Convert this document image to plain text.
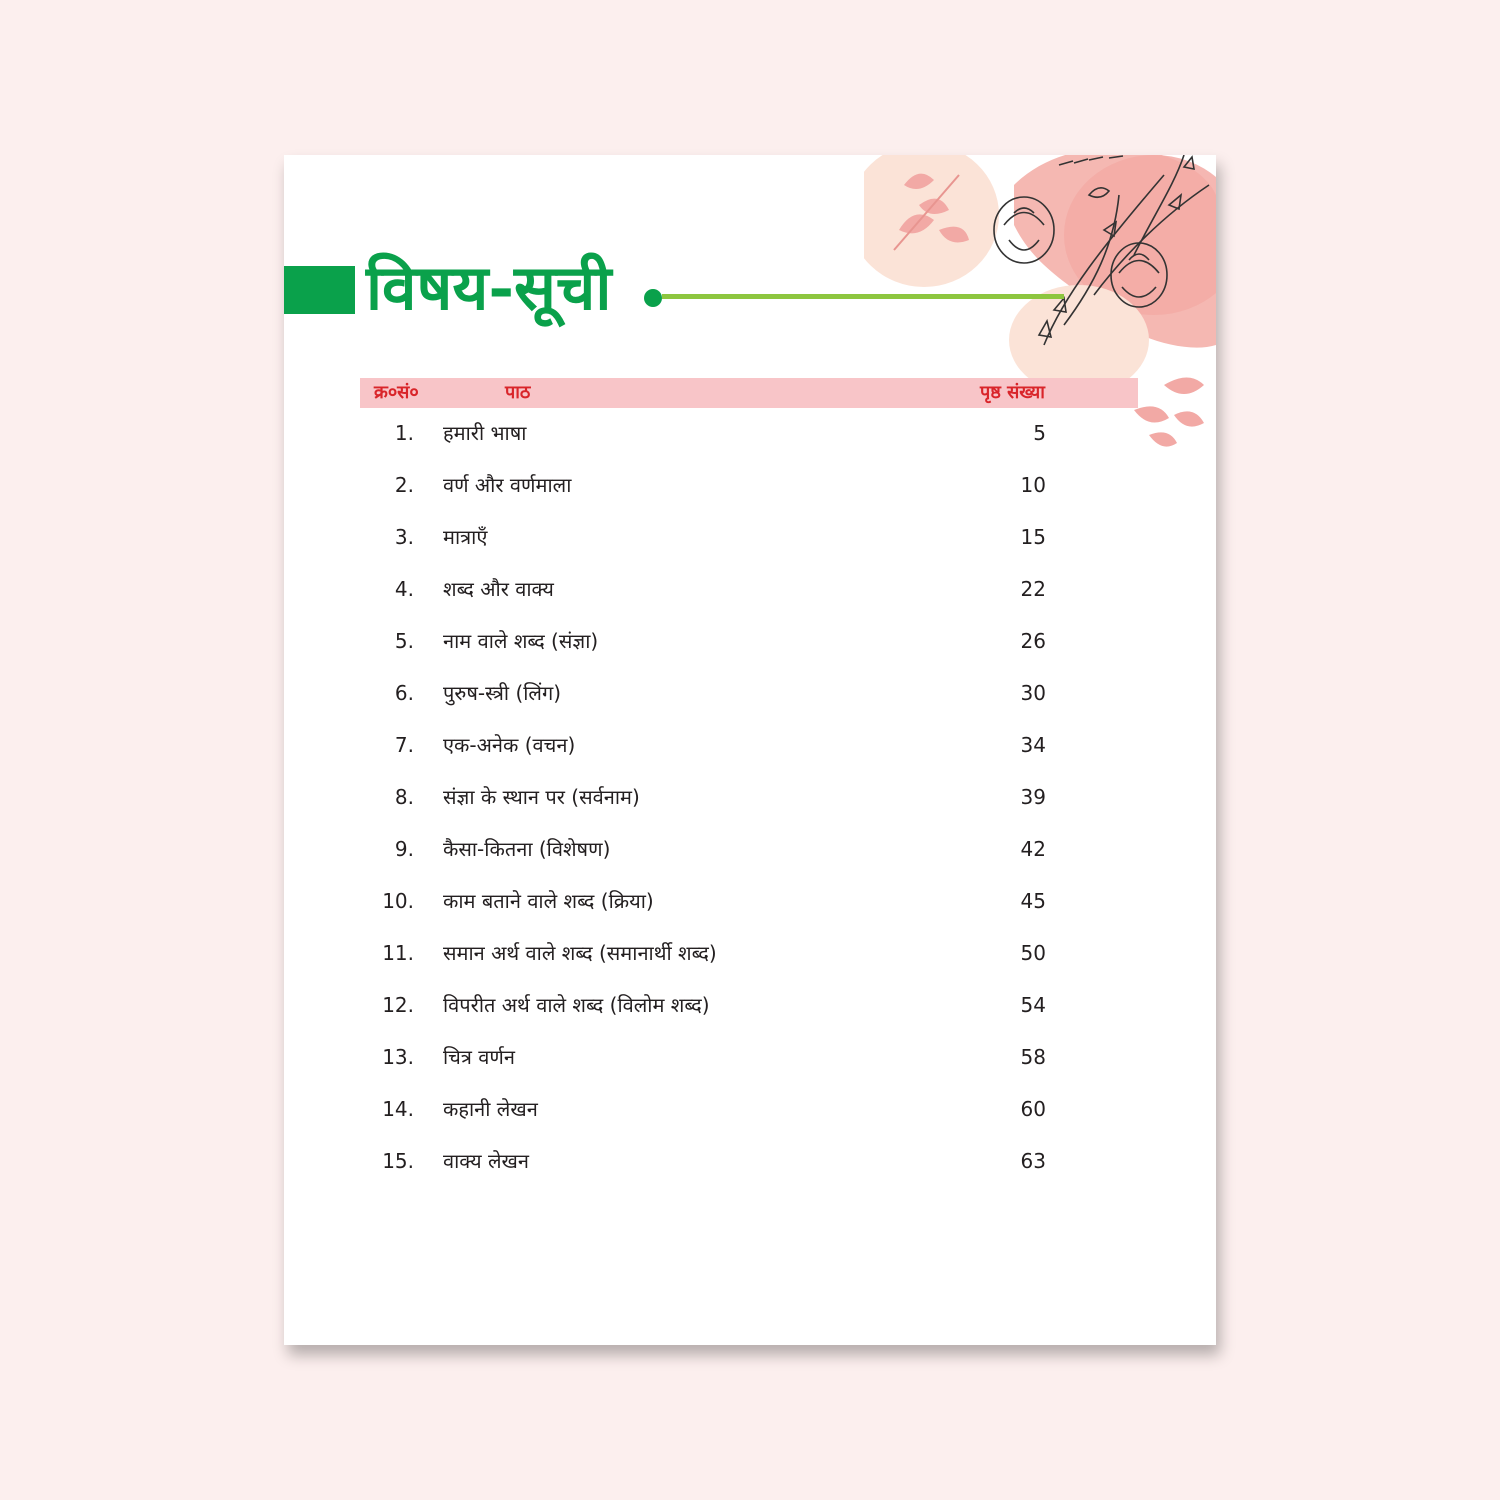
विषय-सूची
क्र०सं०	पाठ	पृष्ठ संख्या
1. हमारी भाषा	5
2. वर्ण और वर्णमाला	10
3. मात्राएँ	15
4. शब्द और वाक्य	22
5. नाम वाले शब्द (संज्ञा)	26
6. पुरुष-स्त्री (लिंग)	30
7. एक-अनेक (वचन)	34
8. संज्ञा के स्थान पर (सर्वनाम)	39
9. कैसा-कितना (विशेषण)	42
10. काम बताने वाले शब्द (क्रिया)	45
11. समान अर्थ वाले शब्द (समानार्थी शब्द)	50
12. विपरीत अर्थ वाले शब्द (विलोम शब्द)	54
13. चित्र वर्णन	58
14. कहानी लेखन	60
15. वाक्य लेखन	63
